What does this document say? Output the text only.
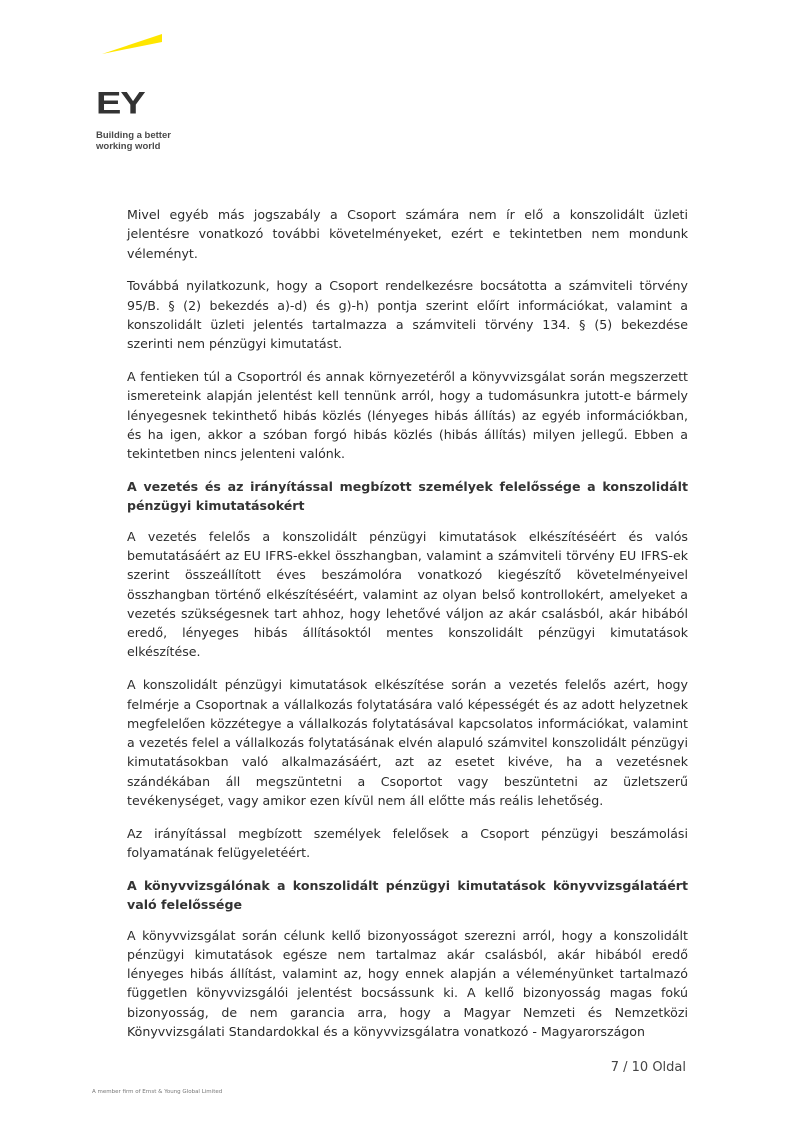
EY
Building a better
working world

Mivel egyéb más jogszabály a Csoport számára nem ír elő a konszolidált üzleti jelentésre vonatkozó további követelményeket, ezért e tekintetben nem mondunk véleményt.

Továbbá nyilatkozunk, hogy a Csoport rendelkezésre bocsátotta a számviteli törvény 95/B. § (2) bekezdés a)-d) és g)-h) pontja szerint előírt információkat, valamint a konszolidált üzleti jelentés tartalmazza a számviteli törvény 134. § (5) bekezdése szerinti nem pénzügyi kimutatást.

A fentieken túl a Csoportról és annak környezetéről a könyvvizsgálat során megszerzett ismereteink alapján jelentést kell tennünk arról, hogy a tudomásunkra jutott-e bármely lényegesnek tekinthető hibás közlés (lényeges hibás állítás) az egyéb információkban, és ha igen, akkor a szóban forgó hibás közlés (hibás állítás) milyen jellegű. Ebben a tekintetben nincs jelenteni valónk.

A vezetés és az irányítással megbízott személyek felelőssége a konszolidált pénzügyi kimutatásokért

A vezetés felelős a konszolidált pénzügyi kimutatások elkészítéséért és valós bemutatásáért az EU IFRS-ekkel összhangban, valamint a számviteli törvény EU IFRS-ek szerint összeállított éves beszámolóra vonatkozó kiegészítő követelményeivel összhangban történő elkészítéséért, valamint az olyan belső kontrollokért, amelyeket a vezetés szükségesnek tart ahhoz, hogy lehetővé váljon az akár csalásból, akár hibából eredő, lényeges hibás állításoktól mentes konszolidált pénzügyi kimutatások elkészítése.

A konszolidált pénzügyi kimutatások elkészítése során a vezetés felelős azért, hogy felmérje a Csoportnak a vállalkozás folytatására való képességét és az adott helyzetnek megfelelően közzétegye a vállalkozás folytatásával kapcsolatos információkat, valamint a vezetés felel a vállalkozás folytatásának elvén alapuló számvitel konszolidált pénzügyi kimutatásokban való alkalmazásáért, azt az esetet kivéve, ha a vezetésnek szándékában áll megszüntetni a Csoportot vagy beszüntetni az üzletszerű tevékenységet, vagy amikor ezen kívül nem áll előtte más reális lehetőség.

Az irányítással megbízott személyek felelősek a Csoport pénzügyi beszámolási folyamatának felügyeletéért.

A könyvvizsgálónak a konszolidált pénzügyi kimutatások könyvvizsgálatáért való felelőssége

A könyvvizsgálat során célunk kellő bizonyosságot szerezni arról, hogy a konszolidált pénzügyi kimutatások egésze nem tartalmaz akár csalásból, akár hibából eredő lényeges hibás állítást, valamint az, hogy ennek alapján a véleményünket tartalmazó független könyvvizsgálói jelentést bocsássunk ki. A kellő bizonyosság magas fokú bizonyosság, de nem garancia arra, hogy a Magyar Nemzeti és Nemzetközi Könyvvizsgálati Standardokkal és a könyvvizsgálatra vonatkozó - Magyarországon

7 / 10 Oldal
A member firm of Ernst & Young Global Limited
